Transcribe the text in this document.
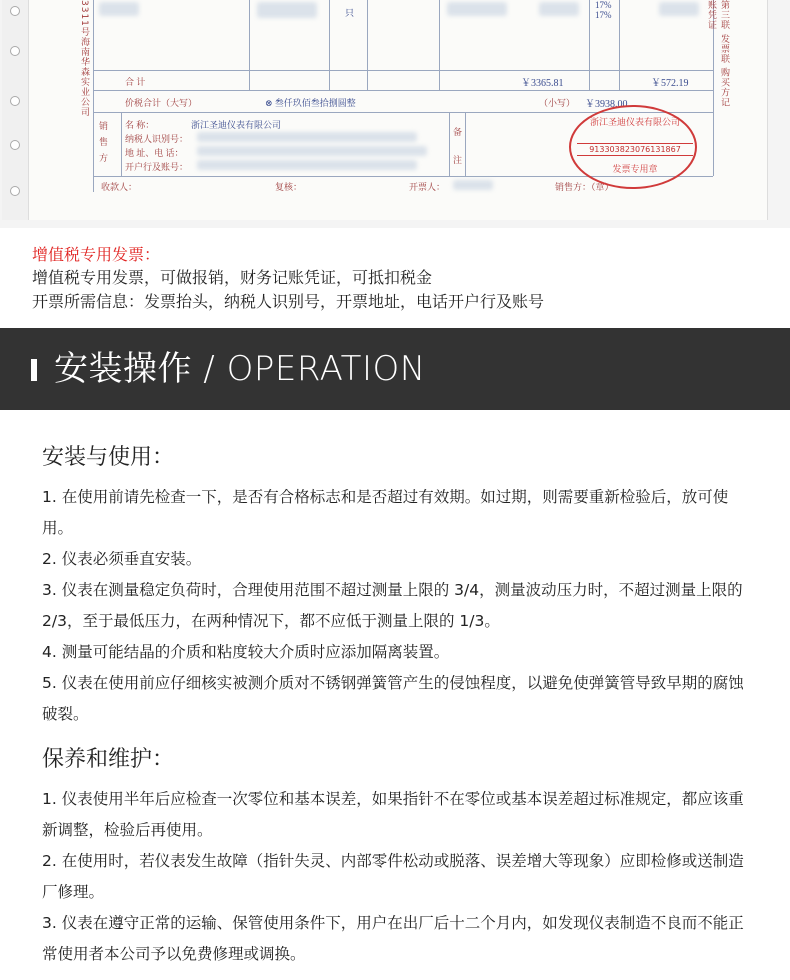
3311号海南华森实业公司	只
17%
17%
合 计	￥3365.81	￥572.19
价税合计（大写）	⊗ 叁仟玖佰叁拾捌圆整	（小写） ￥3938.00
销售方
名 称：	浙江圣迪仪表有限公司
纳税人识别号：
地 址、电 话：
开户行及账号：
备注
收款人：	复核：	开票人：	销售方：（章）
浙江圣迪仪表有限公司
913303823076131867
发票专用章
第三联 发票联 购买方记账凭证
增值税专用发票：
增值税专用发票，可做报销，财务记账凭证，可抵扣税金
开票所需信息：发票抬头，纳税人识别号，开票地址，电话开户行及账号
安装操作 / OPERATION
安装与使用：
1. 在使用前请先检查一下，是否有合格标志和是否超过有效期。如过期，则需要重新检验后，放可使用。
2. 仪表必须垂直安装。
3. 仪表在测量稳定负荷时，合理使用范围不超过测量上限的 3/4，测量波动压力时，不超过测量上限的 2/3，至于最低压力，在两种情况下，都不应低于测量上限的 1/3。
4. 测量可能结晶的介质和粘度较大介质时应添加隔离装置。
5. 仪表在使用前应仔细核实被测介质对不锈钢弹簧管产生的侵蚀程度，以避免使弹簧管导致早期的腐蚀破裂。
保养和维护：
1. 仪表使用半年后应检查一次零位和基本误差，如果指针不在零位或基本误差超过标准规定，都应该重新调整，检验后再使用。
2. 在使用时，若仪表发生故障（指针失灵、内部零件松动或脱落、误差增大等现象）应即检修或送制造厂修理。
3. 仪表在遵守正常的运输、保管使用条件下，用户在出厂后十二个月内，如发现仪表制造不良而不能正常使用者本公司予以免费修理或调换。
